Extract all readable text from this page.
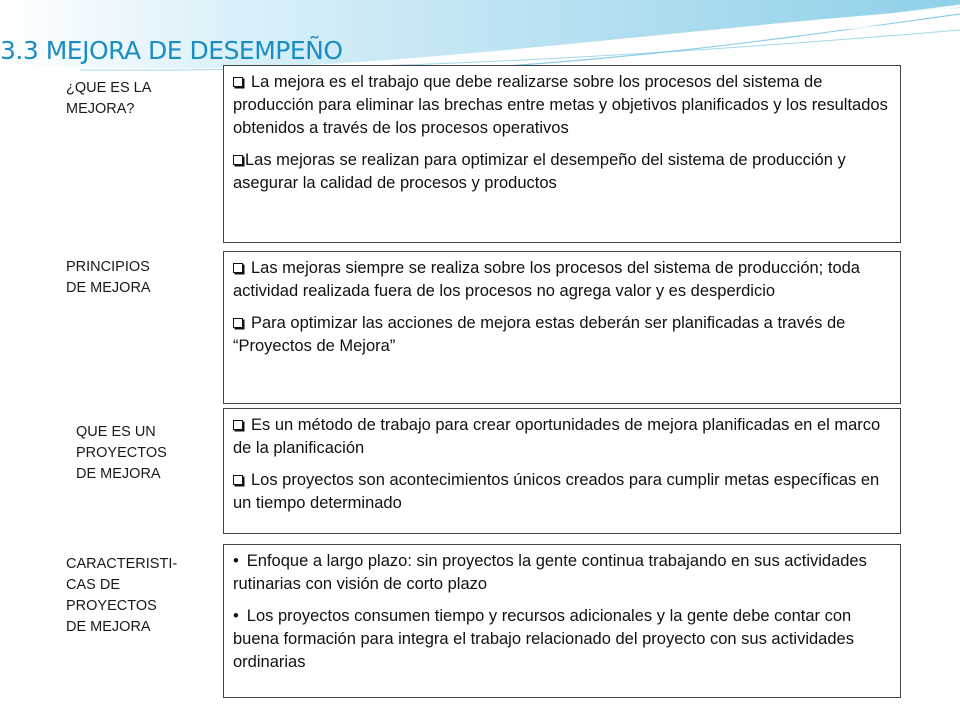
3.3 MEJORA DE DESEMPEÑO

¿QUE ES LA
MEJORA?

La mejora es el trabajo que debe realizarse sobre los procesos del sistema de producción para eliminar las brechas entre metas y objetivos planificados y los resultados obtenidos a través de los procesos operativos

Las mejoras se realizan para optimizar el desempeño del sistema de producción y asegurar la calidad de procesos y productos

PRINCIPIOS
DE MEJORA

Las mejoras siempre se realiza sobre los procesos del sistema de producción; toda actividad realizada fuera de los procesos no agrega valor y es desperdicio

Para optimizar las acciones de mejora estas deberán ser planificadas a través de “Proyectos de Mejora”

QUE ES UN
PROYECTOS
DE MEJORA

Es un método de trabajo para crear oportunidades de mejora planificadas en el marco de la planificación

Los proyectos son acontecimientos únicos creados para cumplir metas específicas en un tiempo determinado

CARACTERISTI-
CAS DE
PROYECTOS
DE MEJORA

• Enfoque a largo plazo: sin proyectos la gente continua trabajando en sus actividades rutinarias con visión de corto plazo

• Los proyectos consumen tiempo y recursos adicionales y la gente debe contar con buena formación para integra el trabajo relacionado del proyecto con sus actividades ordinarias
